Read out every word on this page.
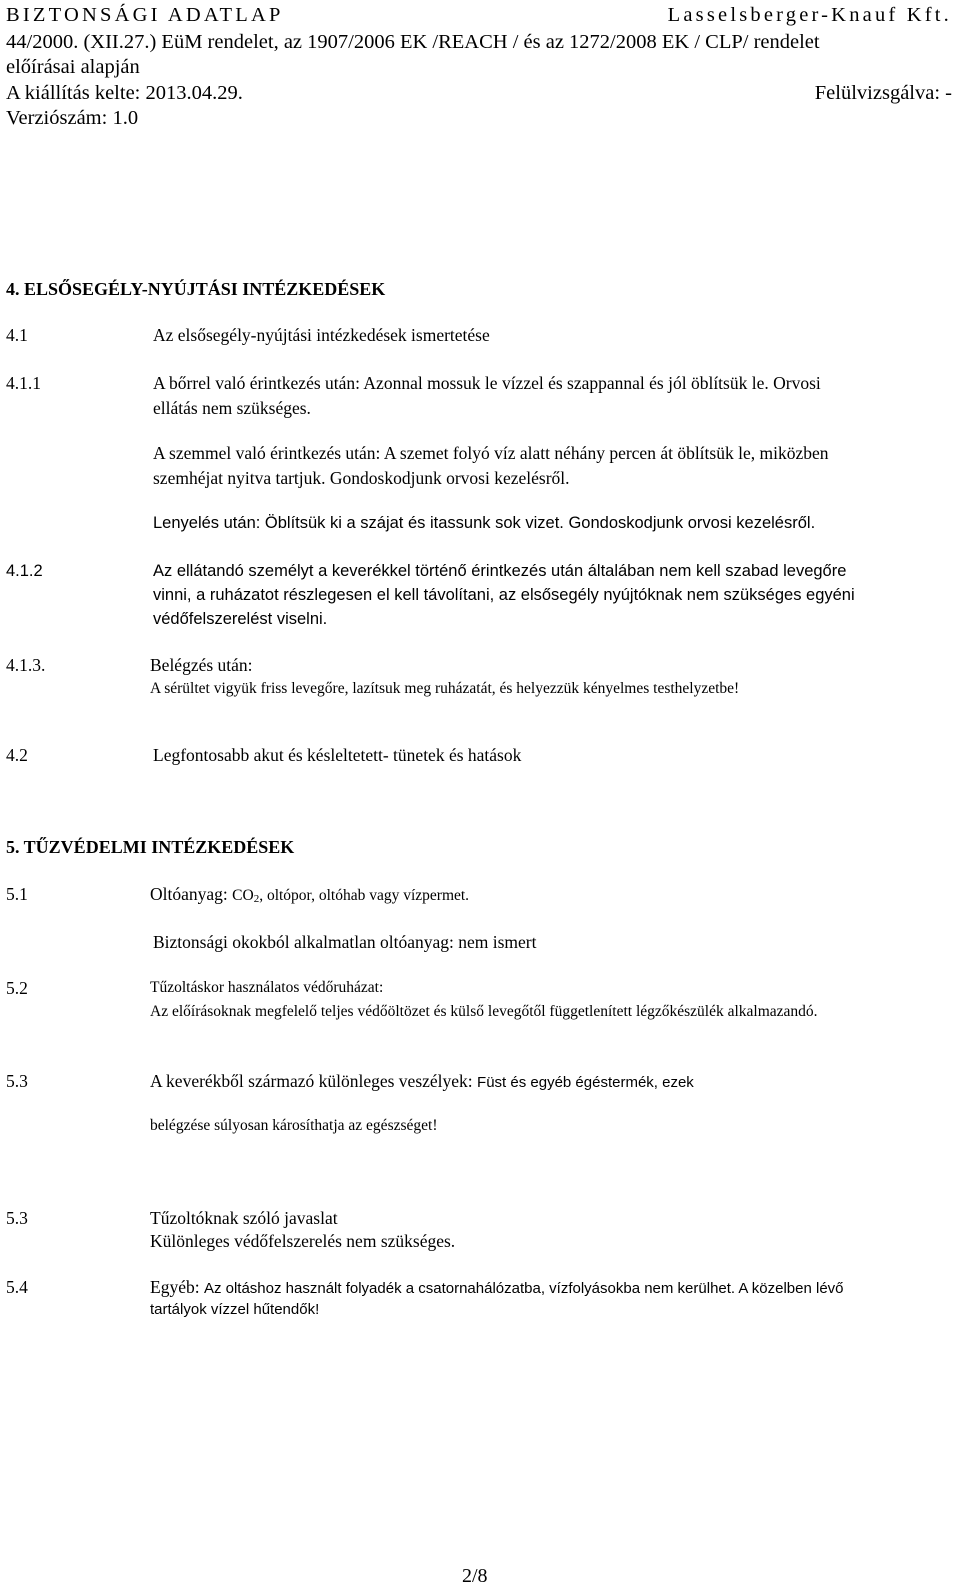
BIZTONSÁGI ADATLAP	Lasselsberger-Knauf Kft.
44/2000. (XII.27.) EüM rendelet, az 1907/2006 EK /REACH / és az 1272/2008 EK / CLP/ rendelet
előírásai alapján
A kiállítás kelte: 2013.04.29.	Felülvizsgálva: -
Verziószám: 1.0
4. ELSŐSEGÉLY-NYÚJTÁSI INTÉZKEDÉSEK
4.1	Az elsősegély-nyújtási intézkedések ismertetése
4.1.1	A bőrrel való érintkezés után: Azonnal mossuk le vízzel és szappannal és jól öblítsük le. Orvosi
ellátás nem szükséges.
A szemmel való érintkezés után: A szemet folyó víz alatt néhány percen át öblítsük le, miközben
szemhéjat nyitva tartjuk. Gondoskodjunk orvosi kezelésről.
Lenyelés után: Öblítsük ki a szájat és itassunk sok vizet. Gondoskodjunk orvosi kezelésről.
4.1.2	Az ellátandó személyt a keverékkel történő érintkezés után általában nem kell szabad levegőre
vinni, a ruházatot részlegesen el kell távolítani, az elsősegély nyújtóknak nem szükséges egyéni
védőfelszerelést viselni.
4.1.3.	Belégzés után:
A sérültet vigyük friss levegőre, lazítsuk meg ruházatát, és helyezzük kényelmes testhelyzetbe!
4.2	Legfontosabb akut és késleltetett- tünetek és hatások
5. TŰZVÉDELMI INTÉZKEDÉSEK
5.1	Oltóanyag: $CO_2$, oltópor, oltóhab vagy vízpermet.
Biztonsági okokból alkalmatlan oltóanyag: nem ismert
5.2	Tűzoltáskor használatos védőruházat:
Az előírásoknak megfelelő teljes védőöltözet és külső levegőtől függetlenített légzőkészülék alkalmazandó.
5.3	A keverékből származó különleges veszélyek: Füst és egyéb égéstermék, ezek
belégzése súlyosan károsíthatja az egészséget!
5.3	Tűzoltóknak szóló javaslat
Különleges védőfelszerelés nem szükséges.
5.4	Egyéb: Az oltáshoz használt folyadék a csatornahálózatba, vízfolyásokba nem kerülhet. A közelben lévő
tartályok vízzel hűtendők!
2/8
